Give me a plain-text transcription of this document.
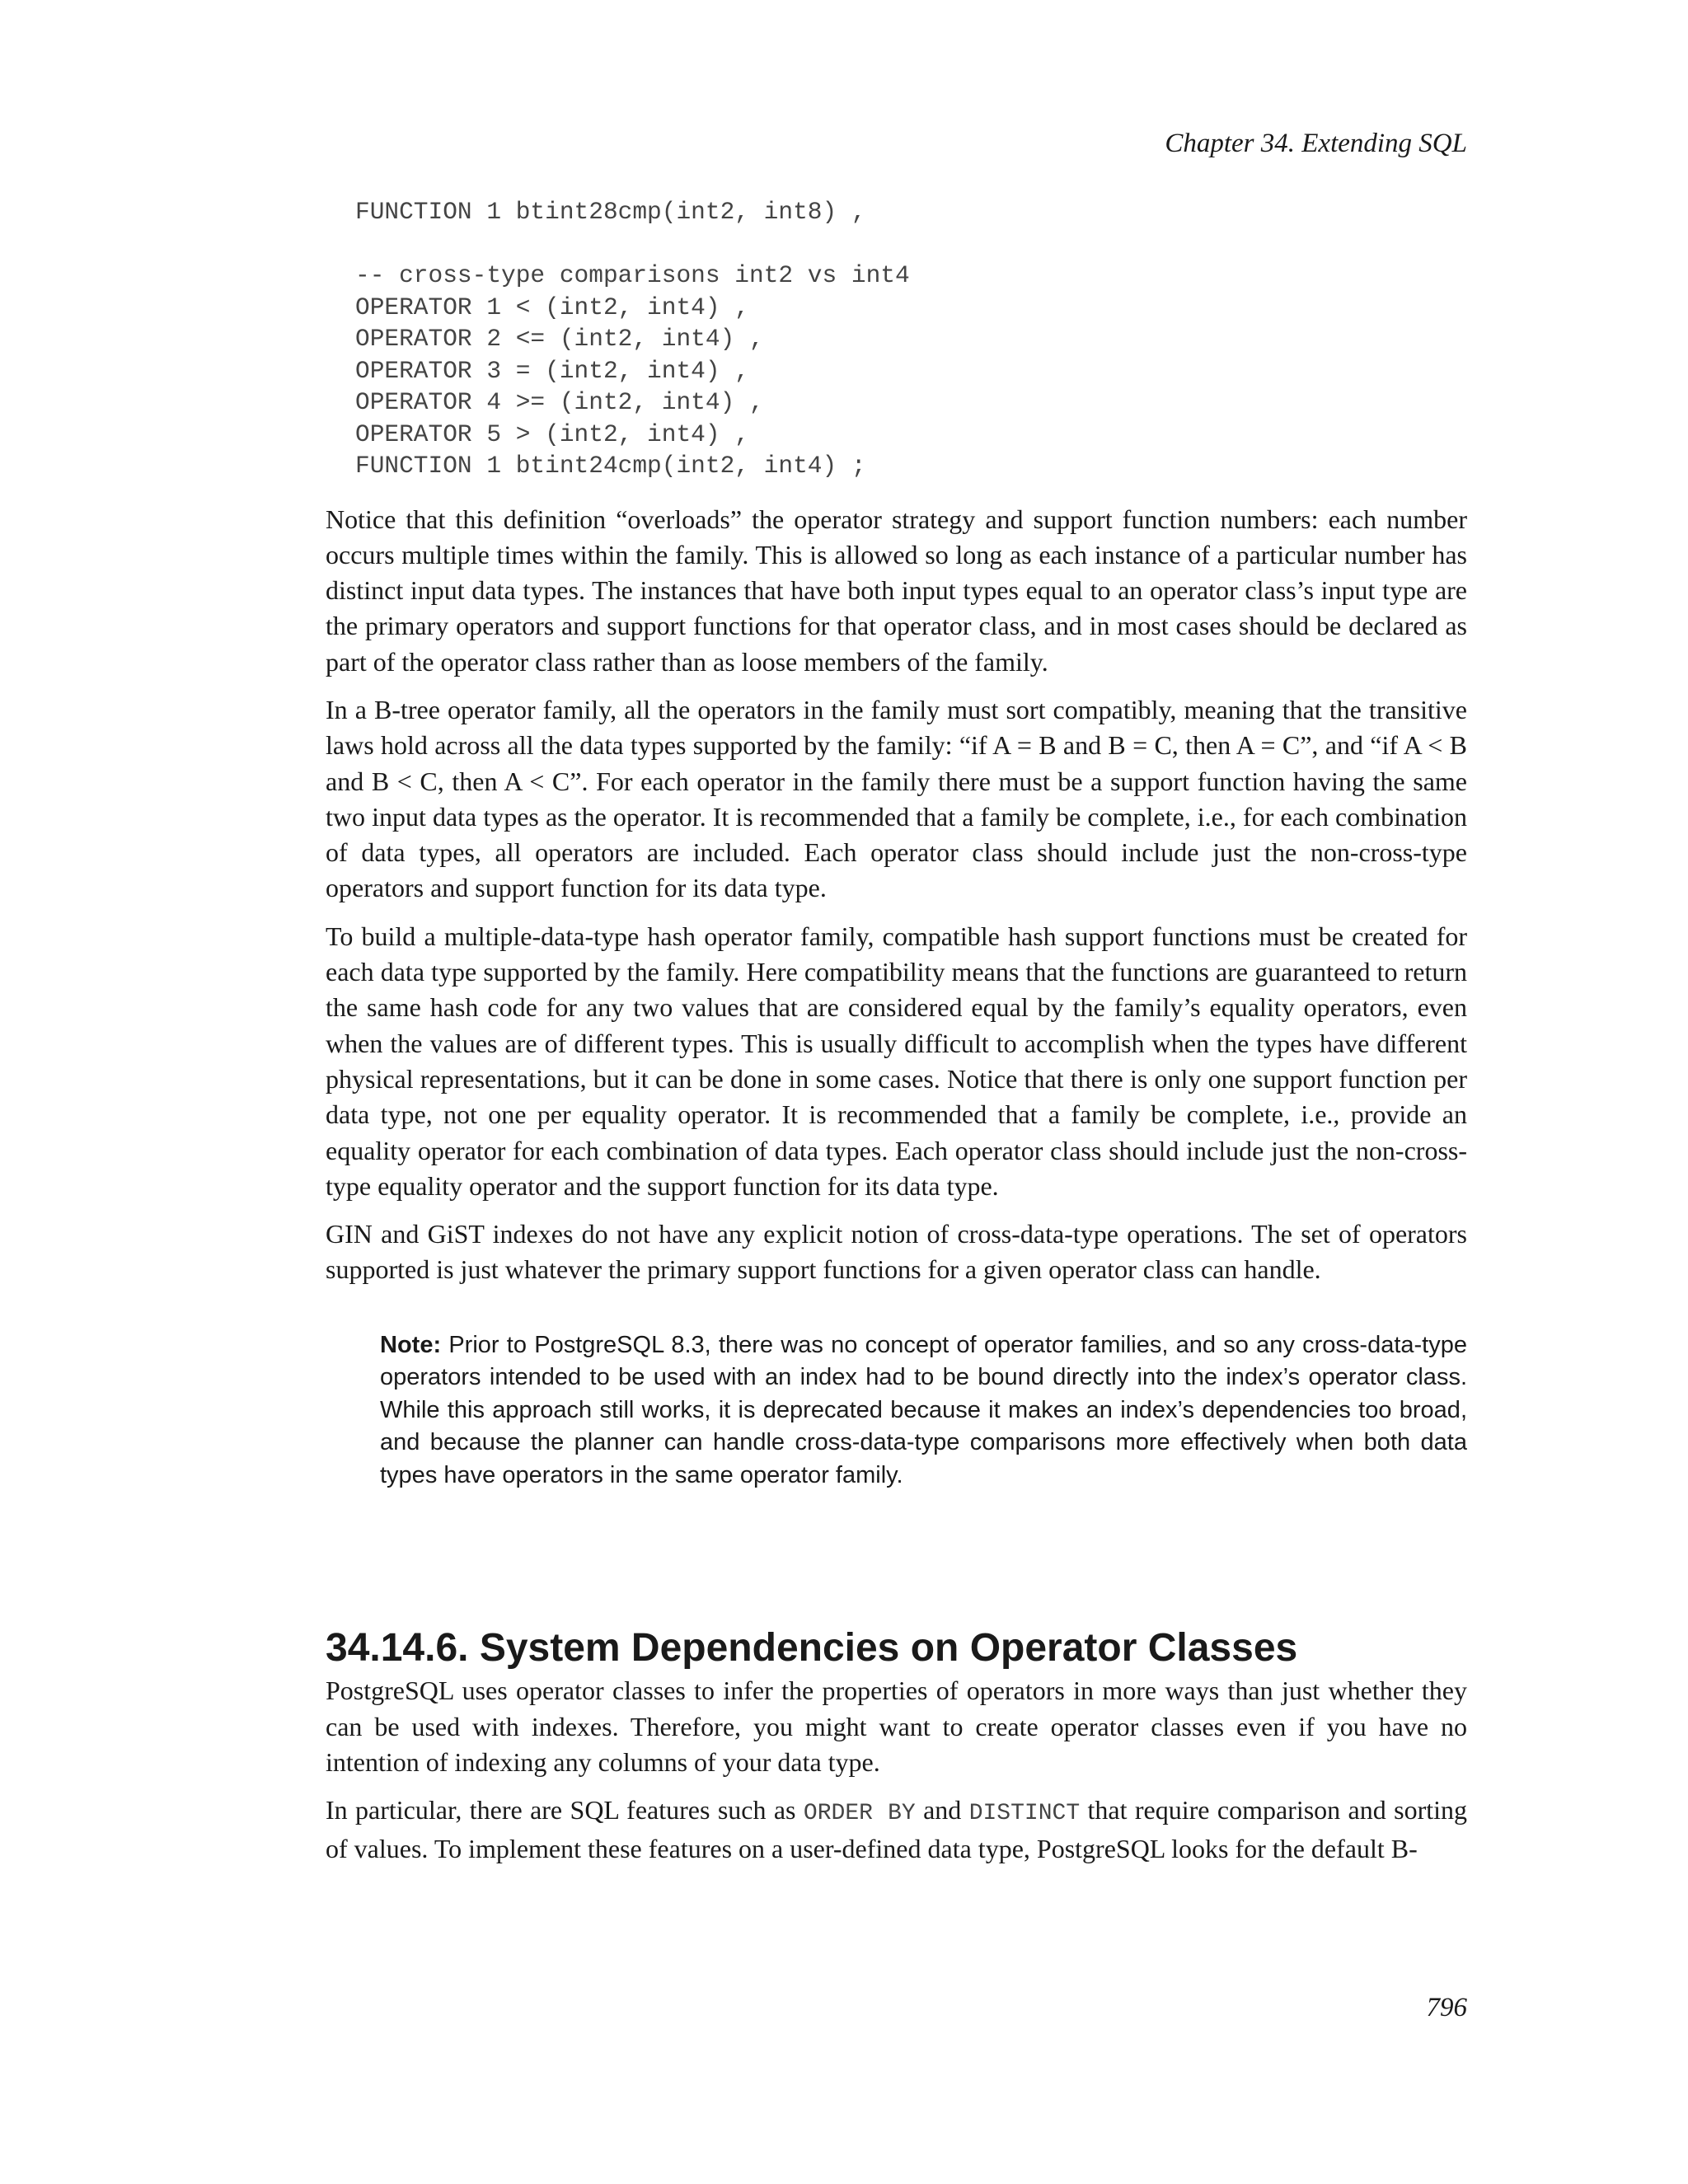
Chapter 34. Extending SQL
FUNCTION 1 btint28cmp(int2, int8) ,
-- cross-type comparisons int2 vs int4
OPERATOR 1 < (int2, int4) ,
OPERATOR 2 <= (int2, int4) ,
OPERATOR 3 = (int2, int4) ,
OPERATOR 4 >= (int2, int4) ,
OPERATOR 5 > (int2, int4) ,
FUNCTION 1 btint24cmp(int2, int4) ;

Notice that this definition “overloads” the operator strategy and support function numbers: each number occurs multiple times within the family. This is allowed so long as each instance of a particular number has distinct input data types. The instances that have both input types equal to an operator class’s input type are the primary operators and support functions for that operator class, and in most cases should be declared as part of the operator class rather than as loose members of the family.

In a B-tree operator family, all the operators in the family must sort compatibly, meaning that the transitive laws hold across all the data types supported by the family: “if A = B and B = C, then A = C”, and “if A < B and B < C, then A < C”. For each operator in the family there must be a support function having the same two input data types as the operator. It is recommended that a family be complete, i.e., for each combination of data types, all operators are included. Each operator class should include just the non-cross-type operators and support function for its data type.

To build a multiple-data-type hash operator family, compatible hash support functions must be created for each data type supported by the family. Here compatibility means that the functions are guaranteed to return the same hash code for any two values that are considered equal by the family’s equality operators, even when the values are of different types. This is usually difficult to accomplish when the types have different physical representations, but it can be done in some cases. Notice that there is only one support function per data type, not one per equality operator. It is recommended that a family be complete, i.e., provide an equality operator for each combination of data types. Each operator class should include just the non-cross-type equality operator and the support function for its data type.

GIN and GiST indexes do not have any explicit notion of cross-data-type operations. The set of operators supported is just whatever the primary support functions for a given operator class can handle.

Note: Prior to PostgreSQL 8.3, there was no concept of operator families, and so any cross-data-type operators intended to be used with an index had to be bound directly into the index’s operator class. While this approach still works, it is deprecated because it makes an index’s dependencies too broad, and because the planner can handle cross-data-type comparisons more effectively when both data types have operators in the same operator family.
34.14.6. System Dependencies on Operator Classes

PostgreSQL uses operator classes to infer the properties of operators in more ways than just whether they can be used with indexes. Therefore, you might want to create operator classes even if you have no intention of indexing any columns of your data type.

In particular, there are SQL features such as ORDER BY and DISTINCT that require comparison and sorting of values. To implement these features on a user-defined data type, PostgreSQL looks for the default B-

796
